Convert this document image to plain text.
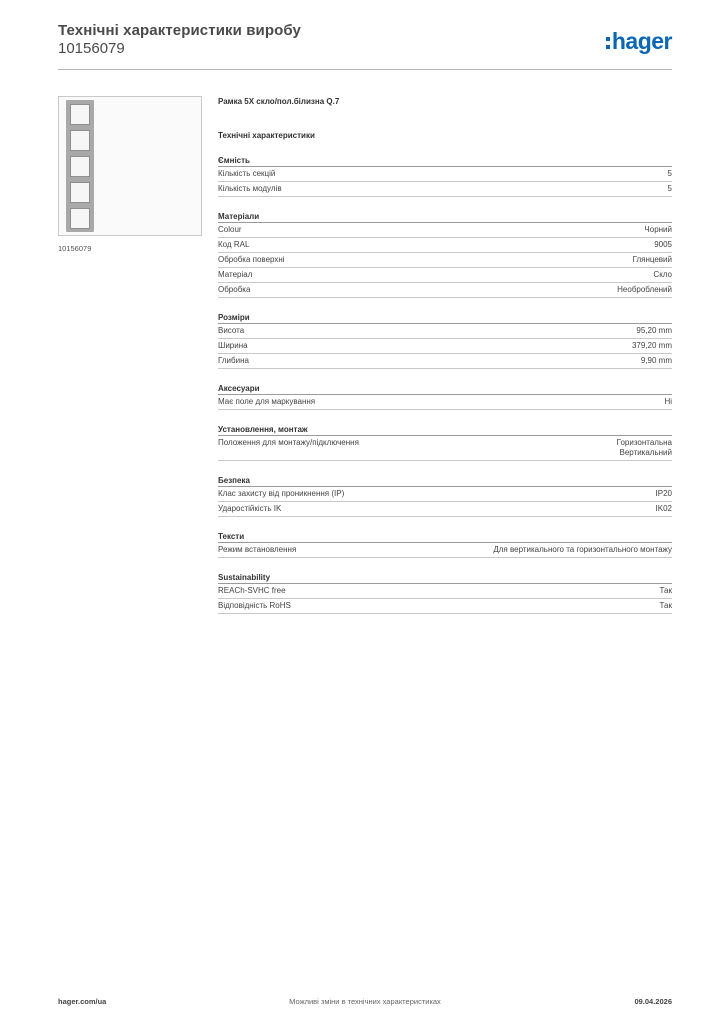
Технічні характеристики виробу
10156079	hager
10156079
Рамка 5X скло/пол.білизна Q.7
Технічні характеристики
Ємність
Кількість секцій	5
Кількість модулів	5
Матеріали
Colour	Чорний
Код RAL	9005
Обробка поверхні	Глянцевий
Матеріал	Скло
Обробка	Необроблений
Розміри
Висота	95,20 mm
Ширина	379,20 mm
Глибина	9,90 mm
Аксесуари
Має поле для маркування	Ні
Установлення, монтаж
Положення для монтажу/підключення	Горизонтальна
Вертикальний
Безпека
Клас захисту від проникнення (IP)	IP20
Ударостійкість IK	IK02
Тексти
Режим встановлення	Для вертикального та горизонтального монтажу
Sustainability
REACh-SVHC free	Так
Відповідність RoHS	Так
Можливі зміни в технічних характеристиках
hager.com/ua	09.04.2026
